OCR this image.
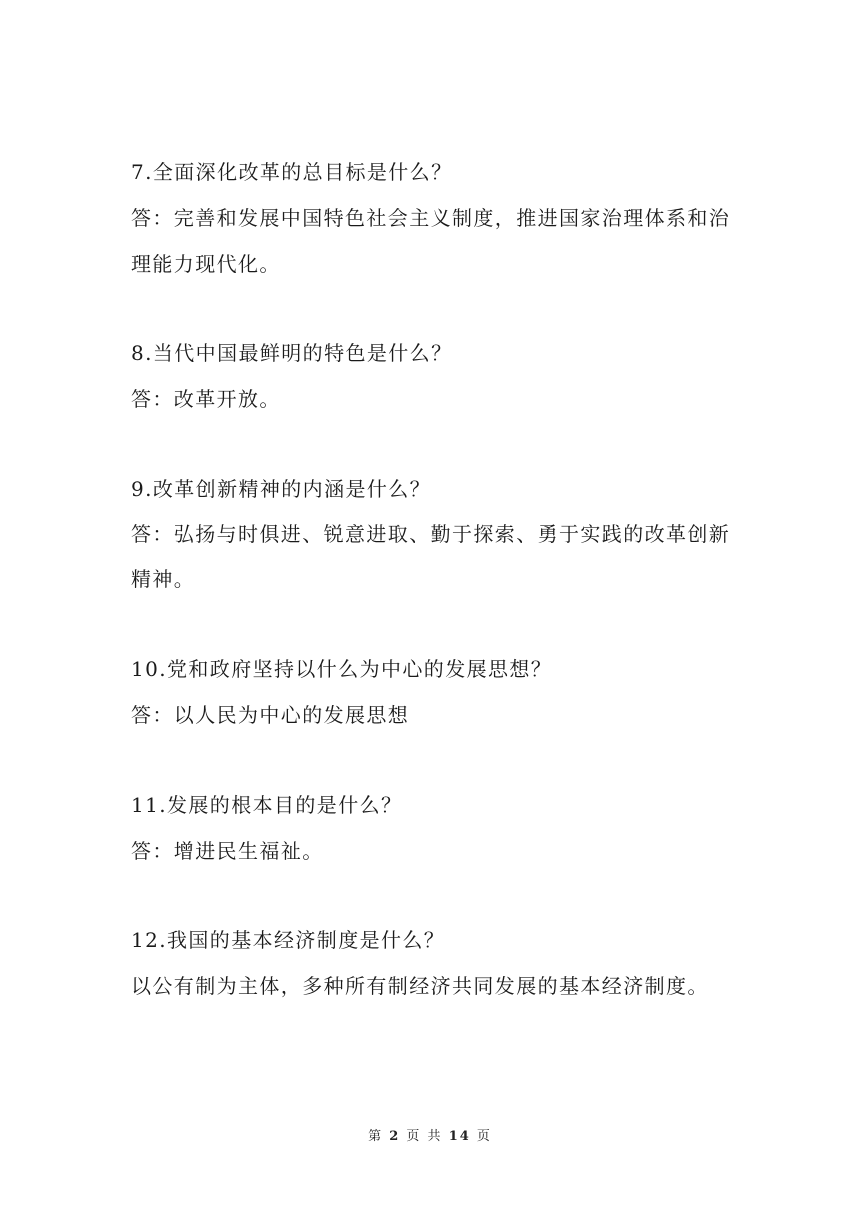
7.全面深化改革的总目标是什么？
答：完善和发展中国特色社会主义制度，推进国家治理体系和治
理能力现代化。
8.当代中国最鲜明的特色是什么？
答：改革开放。
9.改革创新精神的内涵是什么？
答：弘扬与时俱进、锐意进取、勤于探索、勇于实践的改革创新
精神。
10.党和政府坚持以什么为中心的发展思想？
答：以人民为中心的发展思想
11.发展的根本目的是什么？
答：增进民生福祉。
12.我国的基本经济制度是什么？
以公有制为主体，多种所有制经济共同发展的基本经济制度。
第 2 页 共 14 页
